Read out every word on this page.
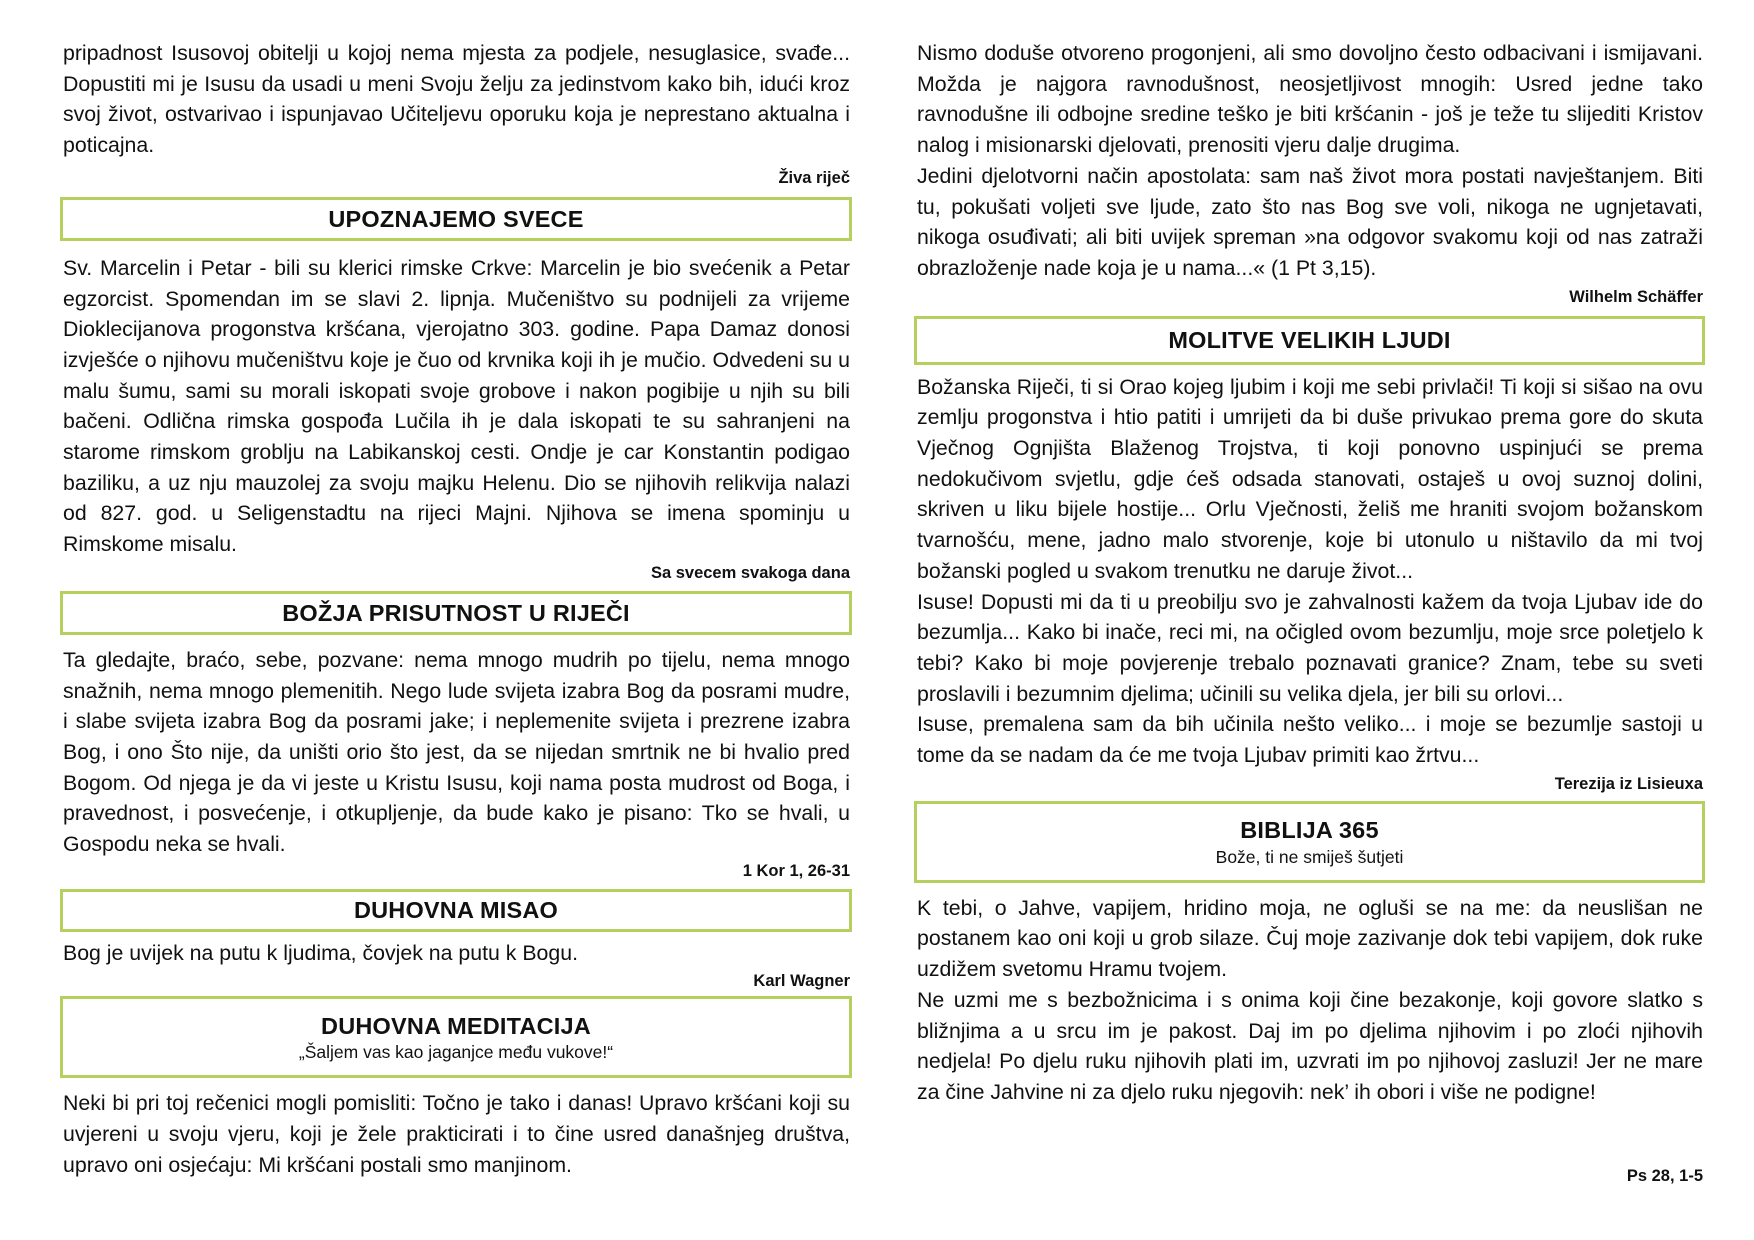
pripadnost Isusovoj obitelji u kojoj nema mjesta za podjele, nesuglasice, svađe... Dopustiti mi je Isusu da usadi u meni Svoju želju za jedinstvom kako bih, idući kroz svoj život, ostvarivao i ispunjavao Učiteljevu oporuku koja je neprestano aktualna i poticajna.

Živa riječ

UPOZNAJEMO SVECE

Sv. Marcelin i Petar - bili su klerici rimske Crkve: Marcelin je bio svećenik a Petar egzorcist. Spomendan im se slavi 2. lipnja. Mučeništvo su podnijeli za vrijeme Dioklecijanova progonstva kršćana, vjerojatno 303. godine. Papa Damaz donosi izvješće o njihovu mučeništvu koje je čuo od krvnika koji ih je mučio. Odvedeni su u malu šumu, sami su morali iskopati svoje grobove i nakon pogibije u njih su bili bačeni. Odlična rimska gospođa Lučila ih je dala iskopati te su sahranjeni na starome rimskom groblju na Labikanskoj cesti. Ondje je car Konstantin podigao baziliku, a uz nju mauzolej za svoju majku Helenu. Dio se njihovih relikvija nalazi od 827. god. u Seligenstadtu na rijeci Majni. Njihova se imena spominju u Rimskome misalu.

Sa svecem svakoga dana

BOŽJA PRISUTNOST U RIJEČI

Ta gledajte, braćo, sebe, pozvane: nema mnogo mudrih po tijelu, nema mnogo snažnih, nema mnogo plemenitih. Nego lude svijeta izabra Bog da posrami mudre, i slabe svijeta izabra Bog da posrami jake; i neplemenite svijeta i prezrene izabra Bog, i ono Što nije, da uništi orio što jest, da se nijedan smrtnik ne bi hvalio pred Bogom. Od njega je da vi jeste u Kristu Isusu, koji nama posta mudrost od Boga, i pravednost, i posvećenje, i otkupljenje, da bude kako je pisano: Tko se hvali, u Gospodu neka se hvali.

1 Kor 1, 26-31

DUHOVNA MISAO

Bog je uvijek na putu k ljudima, čovjek na putu k Bogu.

Karl Wagner

DUHOVNA MEDITACIJA
„Šaljem vas kao jaganjce među vukove!“

Neki bi pri toj rečenici mogli pomisliti: Točno je tako i danas! Upravo kršćani koji su uvjereni u svoju vjeru, koji je žele prakticirati i to čine usred današnjeg društva, upravo oni osjećaju: Mi kršćani postali smo manjinom.

Nismo doduše otvoreno progonjeni, ali smo dovoljno često odbacivani i ismijavani. Možda je najgora ravnodušnost, neosjetljivost mnogih: Usred jedne tako ravnodušne ili odbojne sredine teško je biti kršćanin - još je teže tu slijediti Kristov nalog i misionarski djelovati, prenositi vjeru dalje drugima.

Jedini djelotvorni način apostolata: sam naš život mora postati navještanjem. Biti tu, pokušati voljeti sve ljude, zato što nas Bog sve voli, nikoga ne ugnjetavati, nikoga osuđivati; ali biti uvijek spreman »na odgovor svakomu koji od nas zatraži obrazloženje nade koja je u nama...« (1 Pt 3,15).

Wilhelm Schäffer

MOLITVE VELIKIH LJUDI

Božanska Riječi, ti si Orao kojeg ljubim i koji me sebi privlači! Ti koji si sišao na ovu zemlju progonstva i htio patiti i umrijeti da bi duše privukao prema gore do skuta Vječnog Ognjišta Blaženog Trojstva, ti koji ponovno uspinjući se prema nedokučivom svjetlu, gdje ćeš odsada stanovati, ostaješ u ovoj suznoj dolini, skriven u liku bijele hostije... Orlu Vječnosti, želiš me hraniti svojom božanskom tvarnošću, mene, jadno malo stvorenje, koje bi utonulo u ništavilo da mi tvoj božanski pogled u svakom trenutku ne daruje život...

Isuse! Dopusti mi da ti u preobilju svo je zahvalnosti kažem da tvoja Ljubav ide do bezumlja... Kako bi inače, reci mi, na očigled ovom bezumlju, moje srce poletjelo k tebi? Kako bi moje povjerenje trebalo poznavati granice? Znam, tebe su sveti proslavili i bezumnim djelima; učinili su velika djela, jer bili su orlovi...

Isuse, premalena sam da bih učinila nešto veliko... i moje se bezumlje sastoji u tome da se nadam da će me tvoja Ljubav primiti kao žrtvu...

Terezija iz Lisieuxa

BIBLIJA 365
Bože, ti ne smiješ šutjeti

K tebi, o Jahve, vapijem, hridino moja, ne ogluši se na me: da neuslišan ne postanem kao oni koji u grob silaze. Čuj moje zazivanje dok tebi vapijem, dok ruke uzdižem svetomu Hramu tvojem.

Ne uzmi me s bezbožnicima i s onima koji čine bezakonje, koji govore slatko s bližnjima a u srcu im je pakost. Daj im po djelima njihovim i po zloći njihovih nedjela! Po djelu ruku njihovih plati im, uzvrati im po njihovoj zasluzi! Jer ne mare za čine Jahvine ni za djelo ruku njegovih: nek’ ih obori i više ne podigne!

Ps 28, 1-5
